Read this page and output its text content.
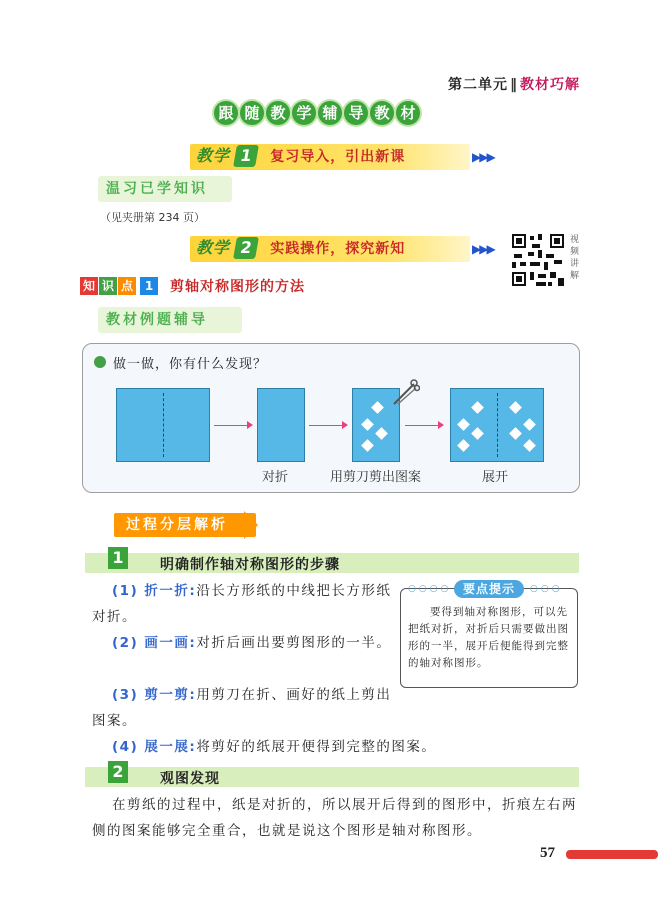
第二单元 ‖ 教材巧解
跟 随 教 学 辅 导 教 材
教学 1 复习导入，引出新课	▶▶▶
温习已学知识
（见夹册第 234 页）
教学 2 实践操作，探究新知	▶▶▶
视频讲解
知 识 点 1	剪轴对称图形的方法
教材例题辅导
做一做，你有什么发现？
对折	用剪刀剪出图案	展开
过程分层解析
1	明确制作轴对称图形的步骤
(1) 折一折:沿长方形纸的中线把长方形纸对折。
(2) 画一画:对折后画出要剪图形的一半。
(3) 剪一剪:用剪刀在折、画好的纸上剪出图案。
(4) 展一展:将剪好的纸展开便得到完整的图案。
○○○○	○○○
要点提示
要得到轴对称图形，可以先把纸对折，对折后只需要做出图形的一半，展开后便能得到完整的轴对称图形。
2	观图发现
在剪纸的过程中，纸是对折的，所以展开后得到的图形中，折痕左右两侧的图案能够完全重合，也就是说这个图形是轴对称图形。
57
